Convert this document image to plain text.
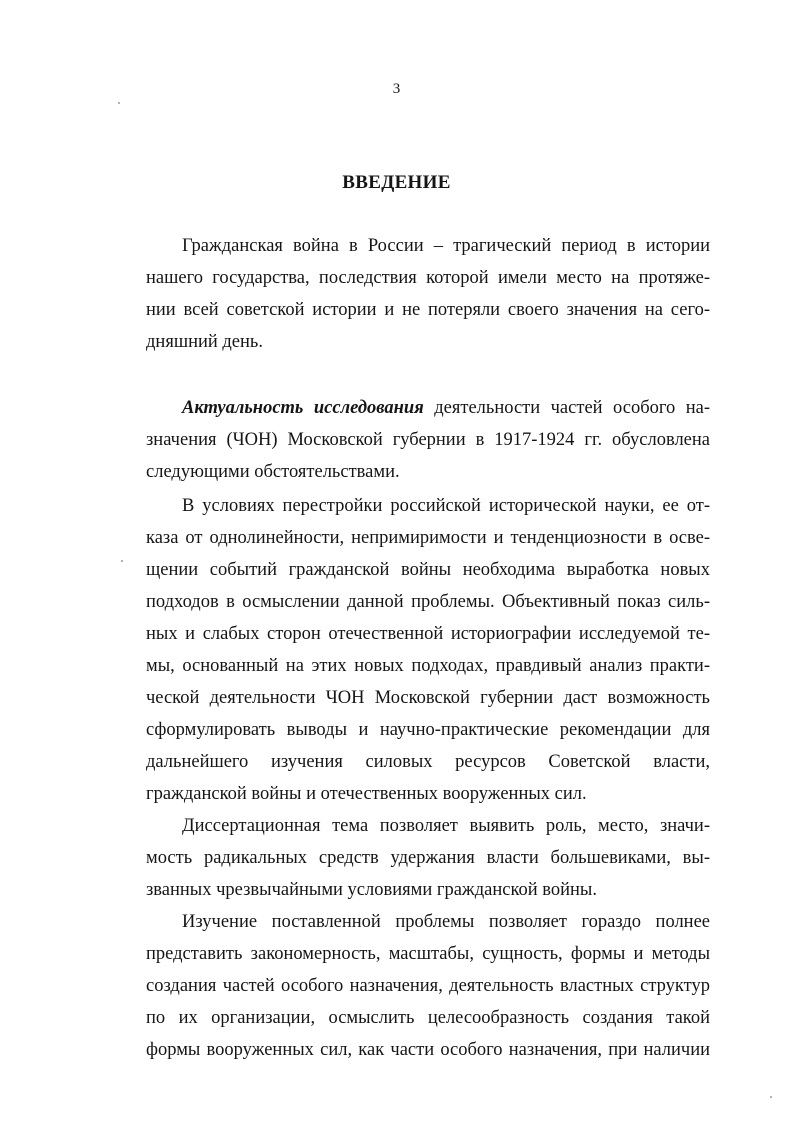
3
ВВЕДЕНИЕ
Гражданская война в России – трагический период в истории
нашего государства, последствия которой имели место на протяже-
нии всей советской истории и не потеряли своего значения на сего-
дняшний день.
Актуальность исследования деятельности частей особого на-
значения (ЧОН) Московской губернии в 1917-1924 гг. обусловлена
следующими обстоятельствами.
В условиях перестройки российской исторической науки, ее от-
каза от однолинейности, непримиримости и тенденциозности в осве-
щении событий гражданской войны необходима выработка новых
подходов в осмыслении данной проблемы. Объективный показ силь-
ных и слабых сторон отечественной историографии исследуемой те-
мы, основанный на этих новых подходах, правдивый анализ практи-
ческой деятельности ЧОН Московской губернии даст возможность
сформулировать выводы и научно-практические рекомендации для
дальнейшего изучения силовых ресурсов Советской власти,
гражданской войны и отечественных вооруженных сил.
Диссертационная тема позволяет выявить роль, место, значи-
мость радикальных средств удержания власти большевиками, вы-
званных чрезвычайными условиями гражданской войны.
Изучение поставленной проблемы позволяет гораздо полнее
представить закономерность, масштабы, сущность, формы и методы
создания частей особого назначения, деятельность властных структур
по их организации, осмыслить целесообразность создания такой
формы вооруженных сил, как части особого назначения, при наличии
